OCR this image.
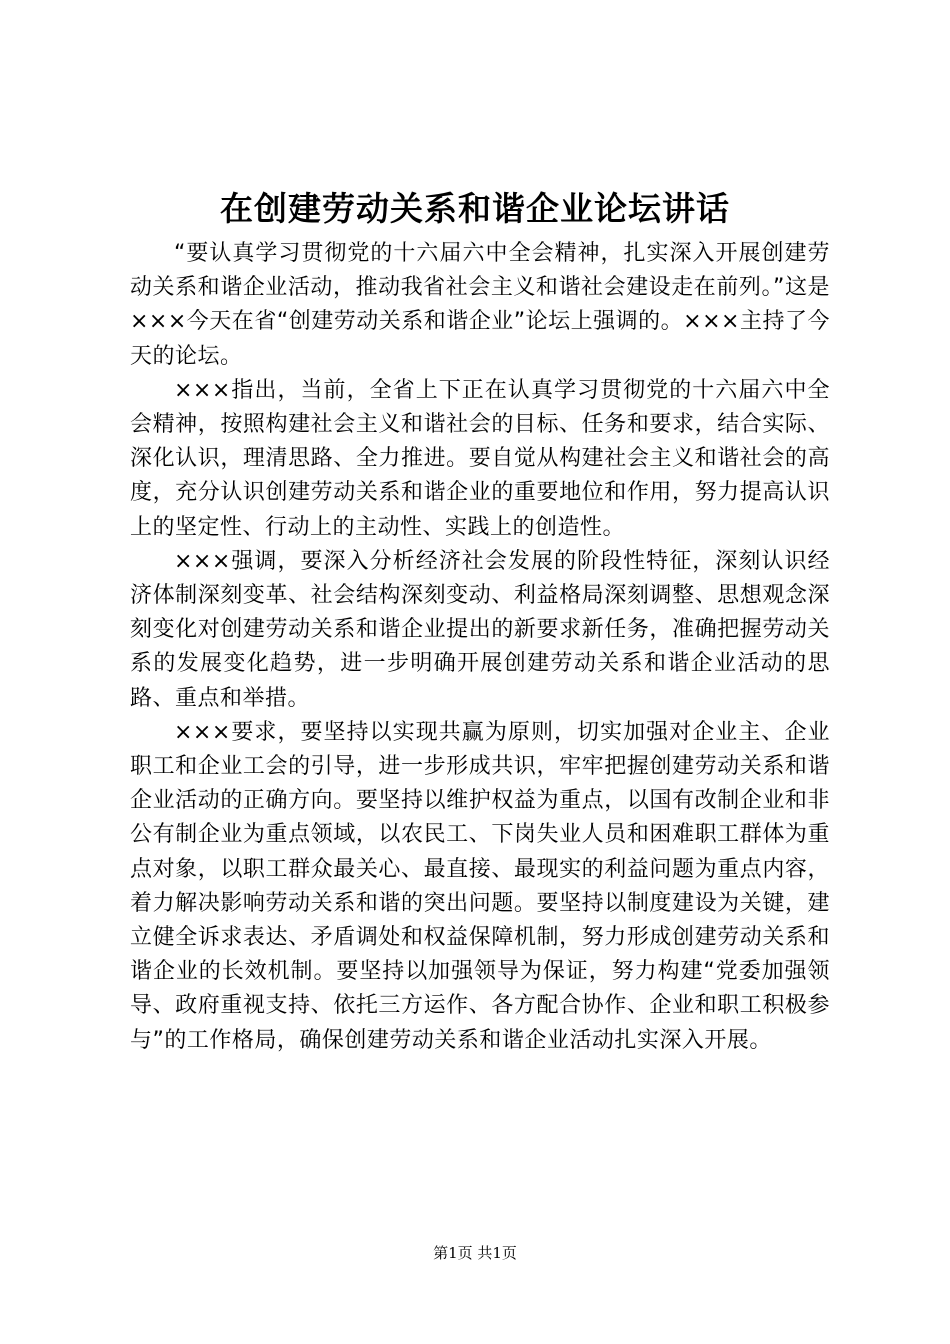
在创建劳动关系和谐企业论坛讲话

“要认真学习贯彻党的十六届六中全会精神，扎实深入开展创建劳动关系和谐企业活动，推动我省社会主义和谐社会建设走在前列。”这是×××今天在省“创建劳动关系和谐企业”论坛上强调的。×××主持了今天的论坛。

×××指出，当前，全省上下正在认真学习贯彻党的十六届六中全会精神，按照构建社会主义和谐社会的目标、任务和要求，结合实际、深化认识，理清思路、全力推进。要自觉从构建社会主义和谐社会的高度，充分认识创建劳动关系和谐企业的重要地位和作用，努力提高认识上的坚定性、行动上的主动性、实践上的创造性。

×××强调，要深入分析经济社会发展的阶段性特征，深刻认识经济体制深刻变革、社会结构深刻变动、利益格局深刻调整、思想观念深刻变化对创建劳动关系和谐企业提出的新要求新任务，准确把握劳动关系的发展变化趋势，进一步明确开展创建劳动关系和谐企业活动的思路、重点和举措。

×××要求，要坚持以实现共赢为原则，切实加强对企业主、企业职工和企业工会的引导，进一步形成共识，牢牢把握创建劳动关系和谐企业活动的正确方向。要坚持以维护权益为重点，以国有改制企业和非公有制企业为重点领域，以农民工、下岗失业人员和困难职工群体为重点对象，以职工群众最关心、最直接、最现实的利益问题为重点内容，着力解决影响劳动关系和谐的突出问题。要坚持以制度建设为关键，建立健全诉求表达、矛盾调处和权益保障机制，努力形成创建劳动关系和谐企业的长效机制。要坚持以加强领导为保证，努力构建“党委加强领导、政府重视支持、依托三方运作、各方配合协作、企业和职工积极参与”的工作格局，确保创建劳动关系和谐企业活动扎实深入开展。

第1页 共1页
